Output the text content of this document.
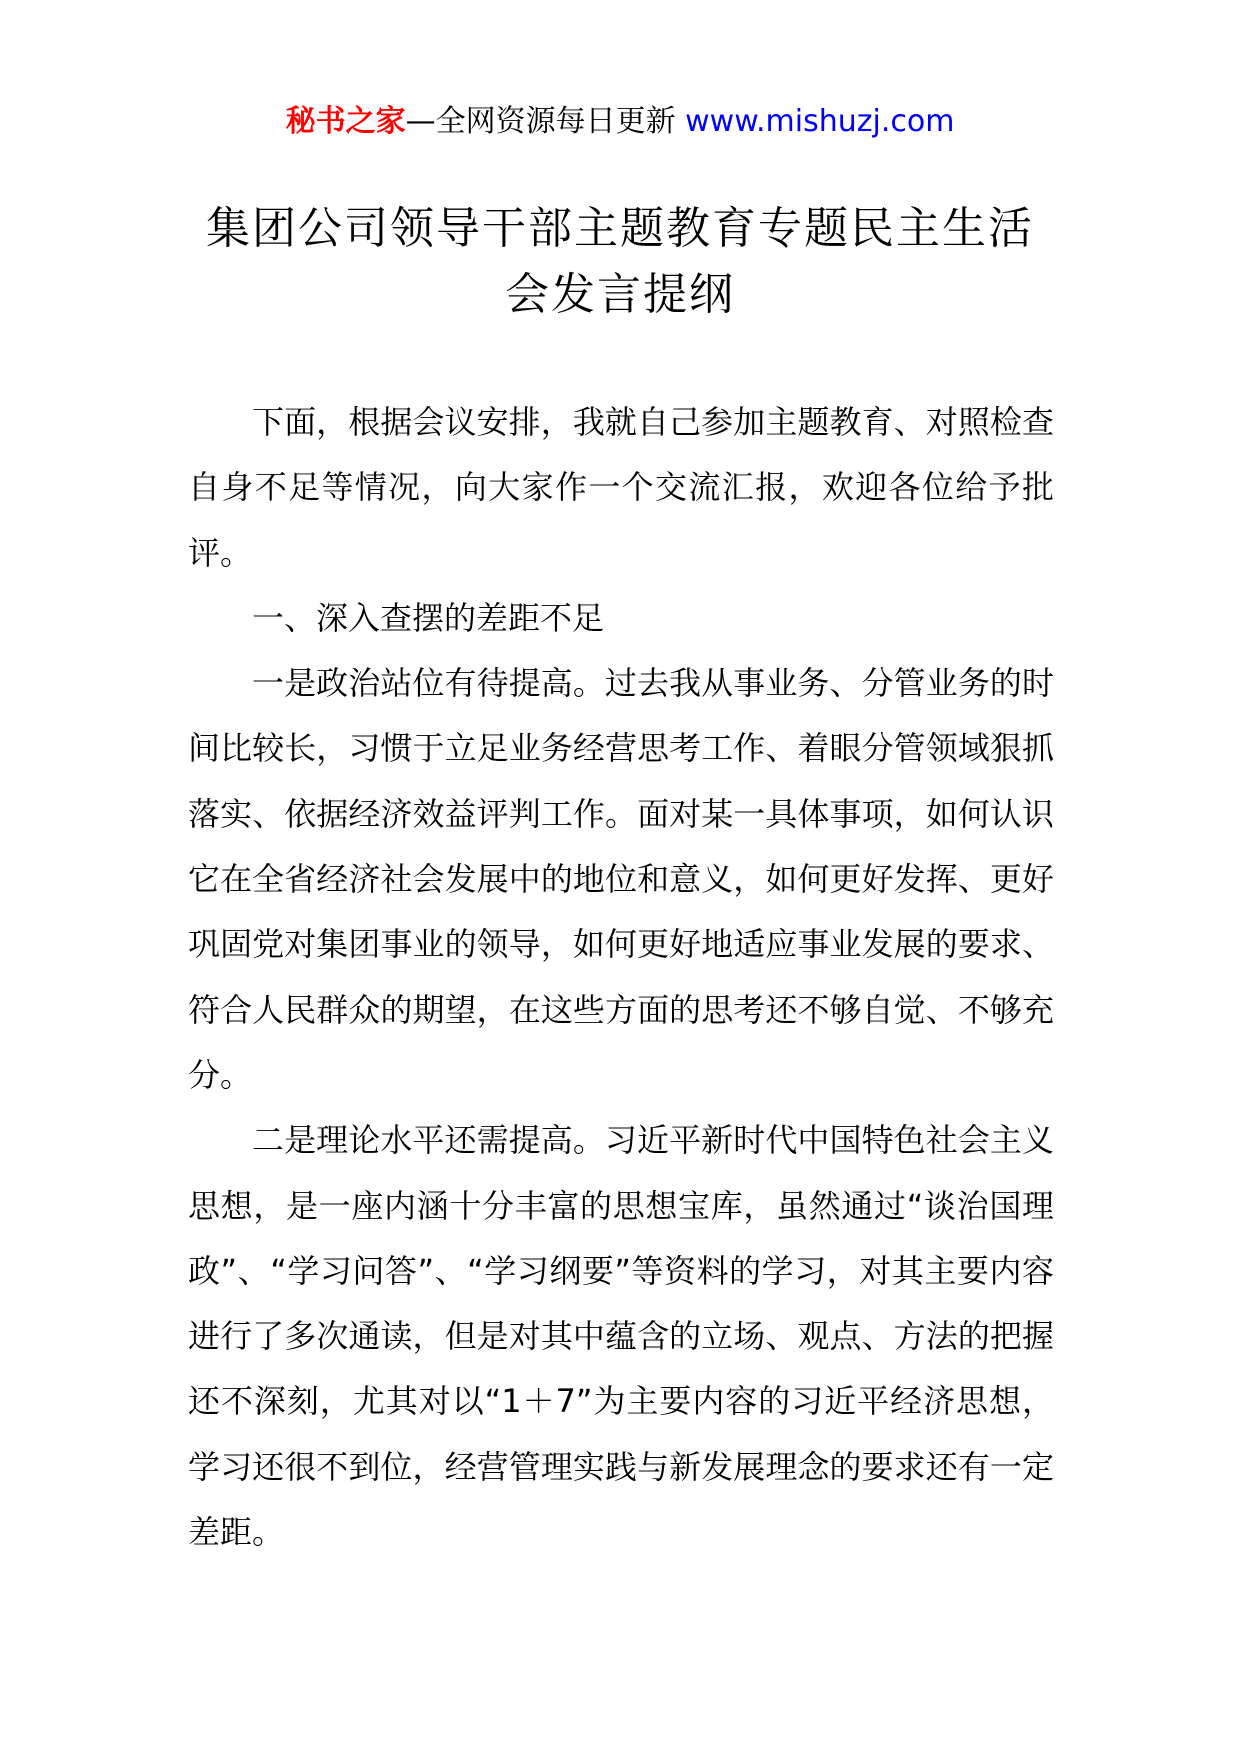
秘书之家—全网资源每日更新 www.mishuzj.com
集团公司领导干部主题教育专题民主生活
会发言提纲

下面，根据会议安排，我就自己参加主题教育、对照检查自身不足等情况，向大家作一个交流汇报，欢迎各位给予批评。

一、深入查摆的差距不足

一是政治站位有待提高。过去我从事业务、分管业务的时间比较长，习惯于立足业务经营思考工作、着眼分管领域狠抓落实、依据经济效益评判工作。面对某一具体事项，如何认识它在全省经济社会发展中的地位和意义，如何更好发挥、更好巩固党对集团事业的领导，如何更好地适应事业发展的要求、符合人民群众的期望，在这些方面的思考还不够自觉、不够充分。

二是理论水平还需提高。习近平新时代中国特色社会主义思想，是一座内涵十分丰富的思想宝库，虽然通过“谈治国理政”、“学习问答”、“学习纲要”等资料的学习，对其主要内容进行了多次通读，但是对其中蕴含的立场、观点、方法的把握还不深刻，尤其对以“1＋7”为主要内容的习近平经济思想，学习还很不到位，经营管理实践与新发展理念的要求还有一定差距。
